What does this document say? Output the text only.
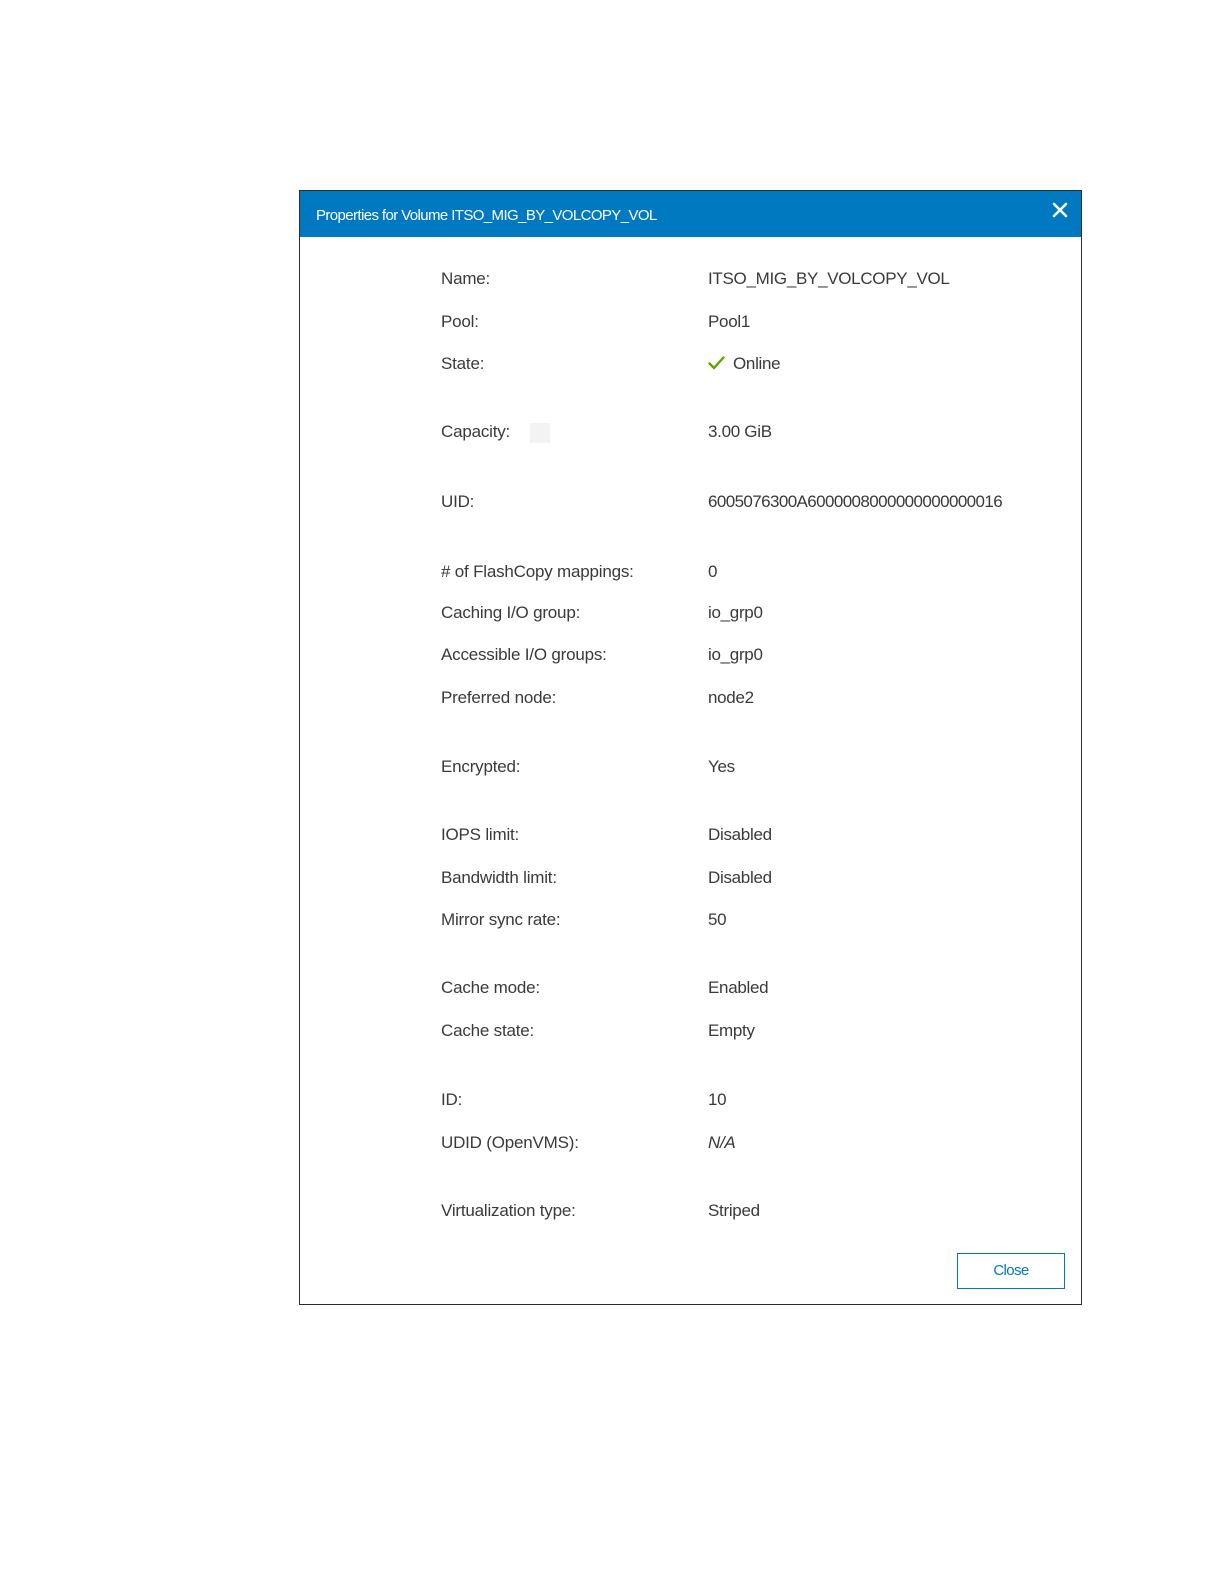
Properties for Volume ITSO_MIG_BY_VOLCOPY_VOL
Name:	ITSO_MIG_BY_VOLCOPY_VOL
Pool:	Pool1
State:	Online
Capacity:	3.00 GiB
UID:	6005076300A6000008000000000000016
# of FlashCopy mappings:	0
Caching I/O group:	io_grp0
Accessible I/O groups:	io_grp0
Preferred node:	node2
Encrypted:	Yes
IOPS limit:	Disabled
Bandwidth limit:	Disabled
Mirror sync rate:	50
Cache mode:	Enabled
Cache state:	Empty
ID:	10
UDID (OpenVMS):	N/A
Virtualization type:	Striped
Close
